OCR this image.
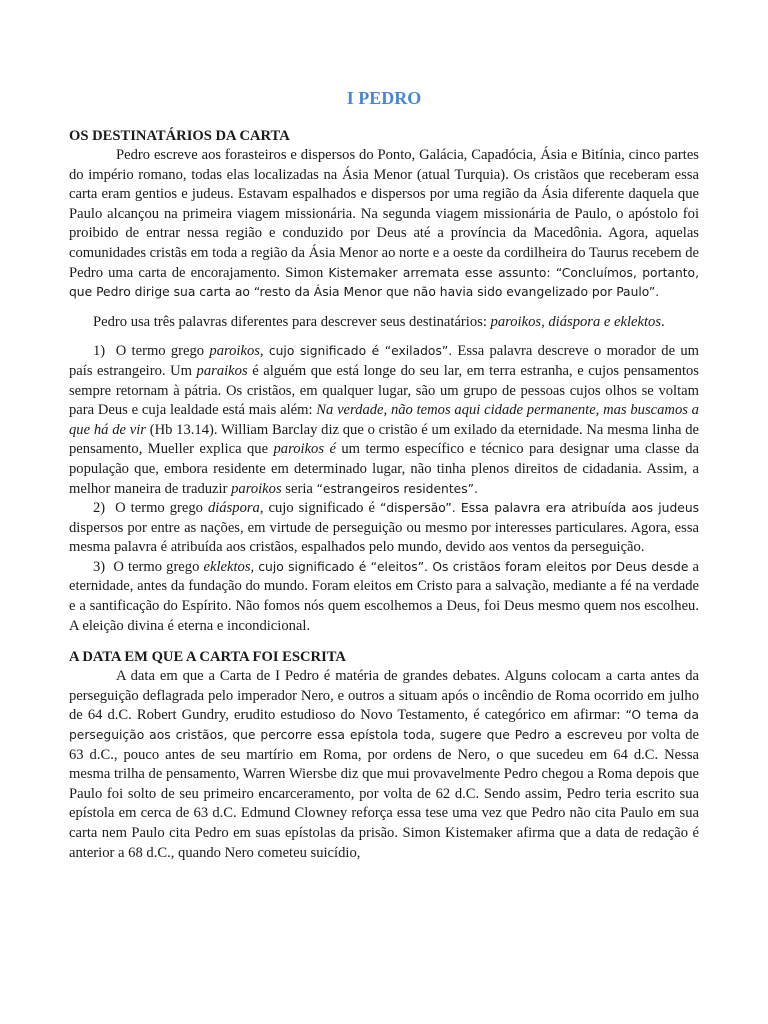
I PEDRO
OS DESTINATÁRIOS DA CARTA

Pedro escreve aos forasteiros e dispersos do Ponto, Galácia, Capadócia, Ásia e Bitínia, cinco partes do império romano, todas elas localizadas na Ásia Menor (atual Turquia). Os cristãos que receberam essa carta eram gentios e judeus. Estavam espalhados e dispersos por uma região da Ásia diferente daquela que Paulo alcançou na primeira viagem missionária. Na segunda viagem missionária de Paulo, o apóstolo foi proibido de entrar nessa região e conduzido por Deus até a província da Macedônia. Agora, aquelas comunidades cristãs em toda a região da Ásia Menor ao norte e a oeste da cordilheira do Taurus recebem de Pedro uma carta de encorajamento. Simon Kistemaker arremata esse assunto: “Concluímos, portanto, que Pedro dirige sua carta ao “resto da Ásia Menor que não havia sido evangelizado por Paulo”.

Pedro usa três palavras diferentes para descrever seus destinatários: paroikos, diáspora e eklektos.

1) O termo grego paroikos, cujo significado é “exilados”. Essa palavra descreve o morador de um país estrangeiro. Um paraikos é alguém que está longe do seu lar, em terra estranha, e cujos pensamentos sempre retornam à pátria. Os cristãos, em qualquer lugar, são um grupo de pessoas cujos olhos se voltam para Deus e cuja lealdade está mais além: Na verdade, não temos aqui cidade permanente, mas buscamos a que há de vir (Hb 13.14). William Barclay diz que o cristão é um exilado da eternidade. Na mesma linha de pensamento, Mueller explica que paroikos é um termo específico e técnico para designar uma classe da população que, embora residente em determinado lugar, não tinha plenos direitos de cidadania. Assim, a melhor maneira de traduzir paroikos seria “estrangeiros residentes”.

2) O termo grego diáspora, cujo significado é “dispersão”. Essa palavra era atribuída aos judeus dispersos por entre as nações, em virtude de perseguição ou mesmo por interesses particulares. Agora, essa mesma palavra é atribuída aos cristãos, espalhados pelo mundo, devido aos ventos da perseguição.

3) O termo grego eklektos, cujo significado é “eleitos”. Os cristãos foram eleitos por Deus desde a eternidade, antes da fundação do mundo. Foram eleitos em Cristo para a salvação, mediante a fé na verdade e a santificação do Espírito. Não fomos nós quem escolhemos a Deus, foi Deus mesmo quem nos escolheu. A eleição divina é eterna e incondicional.

A DATA EM QUE A CARTA FOI ESCRITA

A data em que a Carta de I Pedro é matéria de grandes debates. Alguns colocam a carta antes da perseguição deflagrada pelo imperador Nero, e outros a situam após o incêndio de Roma ocorrido em julho de 64 d.C. Robert Gundry, erudito estudioso do Novo Testamento, é categórico em afirmar: “O tema da perseguição aos cristãos, que percorre essa epístola toda, sugere que Pedro a escreveu por volta de 63 d.C., pouco antes de seu martírio em Roma, por ordens de Nero, o que sucedeu em 64 d.C. Nessa mesma trilha de pensamento, Warren Wiersbe diz que mui provavelmente Pedro chegou a Roma depois que Paulo foi solto de seu primeiro encarceramento, por volta de 62 d.C. Sendo assim, Pedro teria escrito sua epístola em cerca de 63 d.C. Edmund Clowney reforça essa tese uma vez que Pedro não cita Paulo em sua carta nem Paulo cita Pedro em suas epístolas da prisão. Simon Kistemaker afirma que a data de redação é anterior a 68 d.C., quando Nero cometeu suicídio,
